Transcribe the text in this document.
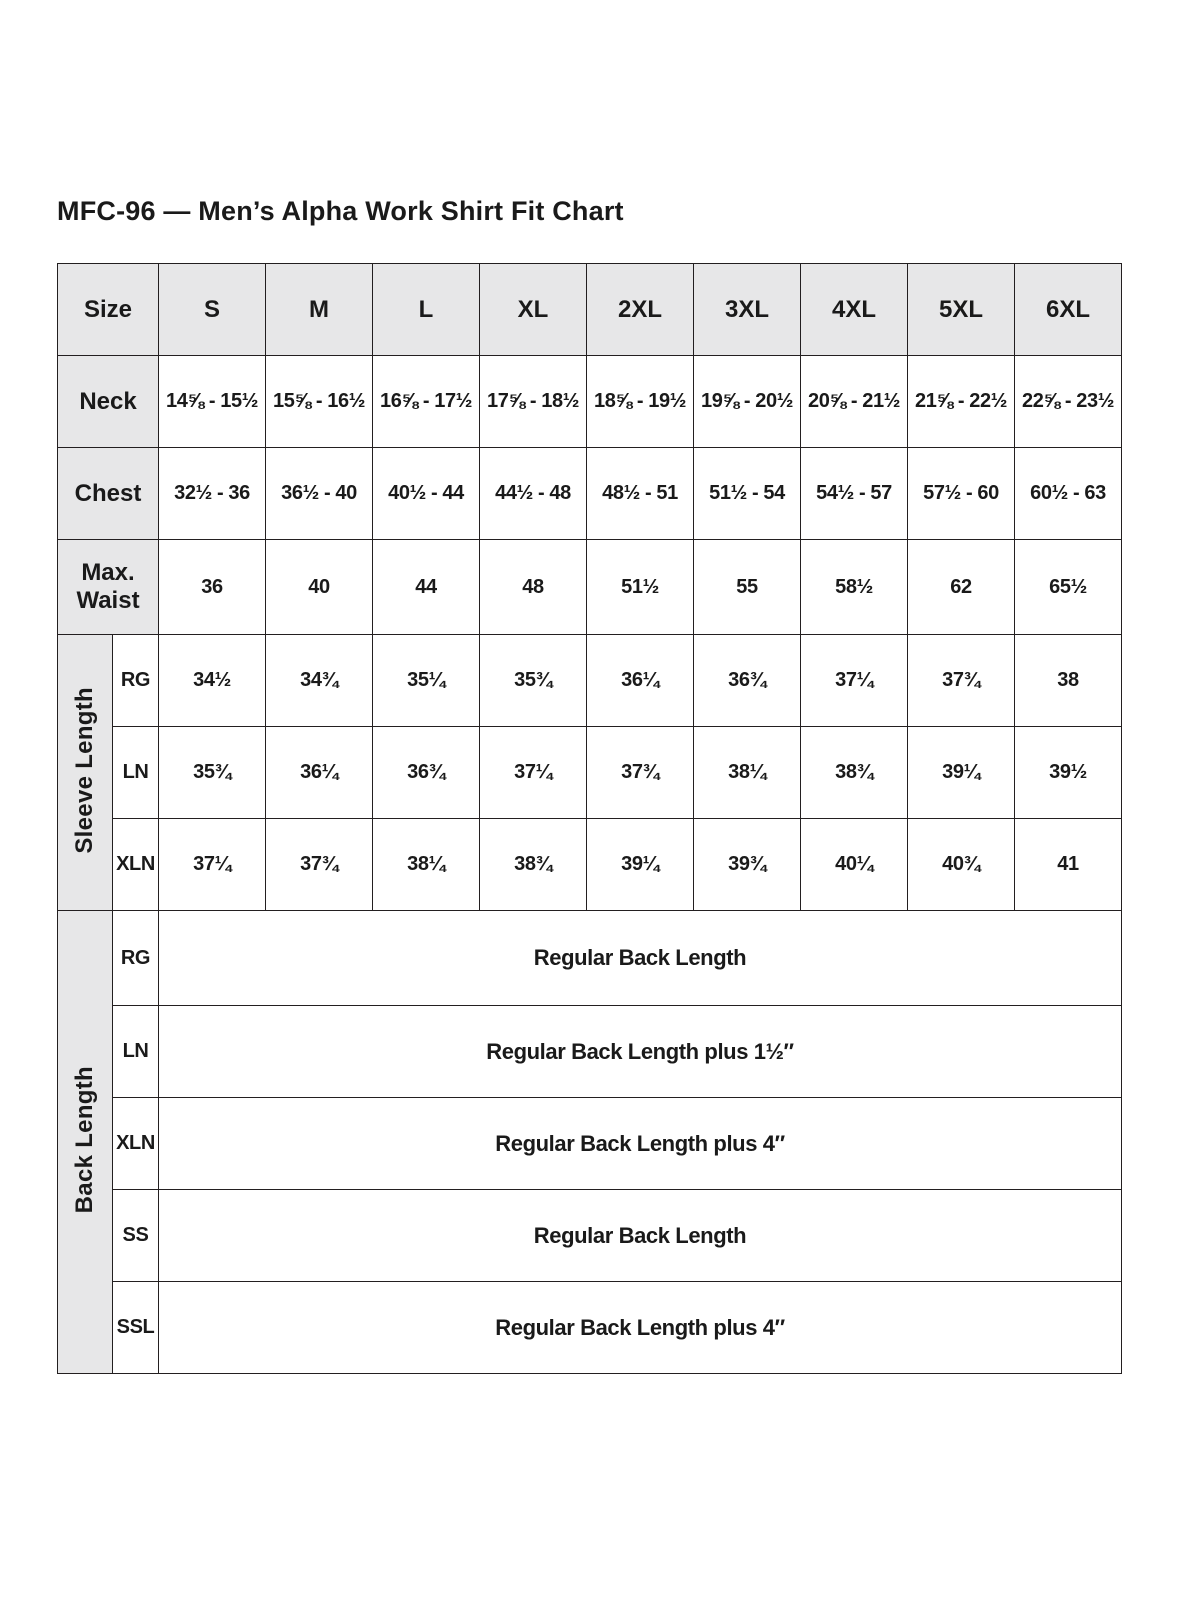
MFC-96 — Men’s Alpha Work Shirt Fit Chart
Size		S	M	L	XL	2XL	3XL	4XL	5XL	6XL
Neck		14⅝ - 15½	15⅝ - 16½	16⅝ - 17½	17⅝ - 18½	18⅝ - 19½	19⅝ - 20½	20⅝ - 21½	21⅝ - 22½	22⅝ - 23½
Chest		32½ - 36	36½ - 40	40½ - 44	44½ - 48	48½ - 51	51½ - 54	54½ - 57	57½ - 60	60½ - 63
Max. Waist		36	40	44	48	51½	55	58½	62	65½
Sleeve Length	RG	34½	34¾	35¼	35¾	36¼	36¾	37¼	37¾	38
	LN	35¾	36¼	36¾	37¼	37¾	38¼	38¾	39¼	39½
	XLN	37¼	37¾	38¼	38¾	39¼	39¾	40¼	40¾	41
Back Length	RG	Regular Back Length								
	LN	Regular Back Length plus 1½″								
	XLN	Regular Back Length plus 4″								
	SS	Regular Back Length								
	SSL	Regular Back Length plus 4″								
